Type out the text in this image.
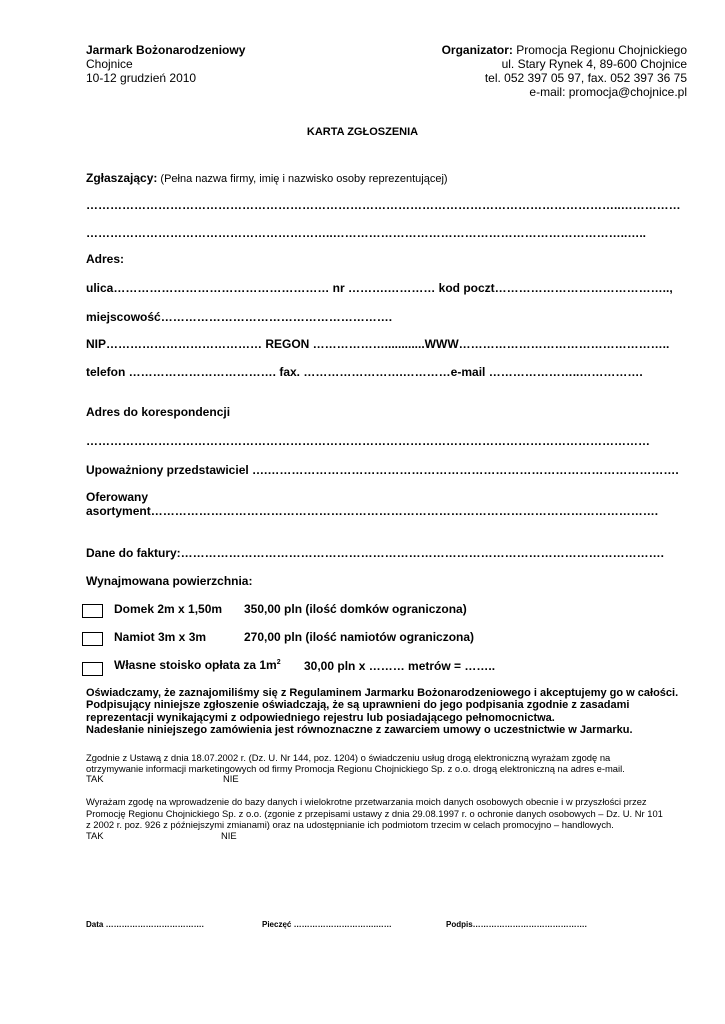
Jarmark Bożonarodzeniowy
Chojnice
10-12 grudzień 2010
Organizator: Promocja Regionu Chojnickiego
ul. Stary Rynek 4, 89-600 Chojnice
tel. 052 397 05 97, fax. 052 397 36 75
e-mail: promocja@chojnice.pl
KARTA ZGŁOSZENIA
Zgłaszający: (Pełna nazwa firmy, imię i nazwisko osoby reprezentującej)
……………………………………………………………………………………………………………………..……………
……………………………………………………..………………………………………………………………..…..
Adres:
ulica……………………………………………… nr ……….………… kod poczt……………………………………..,
miejscowość………………………………………………….
NIP………………………………… REGON ………………............WWW……………………………………………..
telefon ………………………………. fax. …………………….…………e-mail …………………..…………….
Adres do korespondencji
……………………………………………………………………………………………………………………………
Upoważniony przedstawiciel ….………………………………………………………………………………………….
Oferowany
asortyment……………………………………………………………………………………………………………….
Dane do faktury:………………………………………………………………………………………………………….
Wynajmowana powierzchnia:
Domek 2m x 1,50m 350,00 pln (ilość domków ograniczona)
Namiot 3m x 3m	270,00 pln (ilość namiotów ograniczona)
Własne stoisko opłata za $1m^2$ 30,00 pln x ……… metrów = ……..
Oświadczamy, że zaznajomiliśmy się z Regulaminem Jarmarku Bożonarodzeniowego i akceptujemy go w całości.
Podpisujący niniejsze zgłoszenie oświadczają, że są uprawnieni do jego podpisania zgodnie z zasadami
reprezentacji wynikającymi z odpowiedniego rejestru lub posiadającego pełnomocnictwa.
Nadesłanie niniejszego zamówienia jest równoznaczne z zawarciem umowy o uczestnictwie w Jarmarku.
Zgodnie z Ustawą z dnia 18.07.2002 r. (Dz. U. Nr 144, poz. 1204) o świadczeniu usług drogą elektroniczną wyrażam zgodę na
otrzymywanie informacji marketingowych od firmy Promocja Regionu Chojnickiego Sp. z o.o. drogą elektroniczną na adres e-mail.
TAK	NIE
Wyrażam zgodę na wprowadzenie do bazy danych i wielokrotne przetwarzania moich danych osobowych obecnie i w przyszłości przez
Promocję Regionu Chojnickiego Sp. z o.o. (zgonie z przepisami ustawy z dnia 29.08.1997 r. o ochronie danych osobowych – Dz. U. Nr 101
z 2002 r. poz. 926 z późniejszymi zmianami) oraz na udostępnianie ich podmiotom trzecim w celach promocyjno – handlowych.
TAK	NIE
Data ……………………………….	Pieczęć ………………………….……	Podpis…………………………………….
